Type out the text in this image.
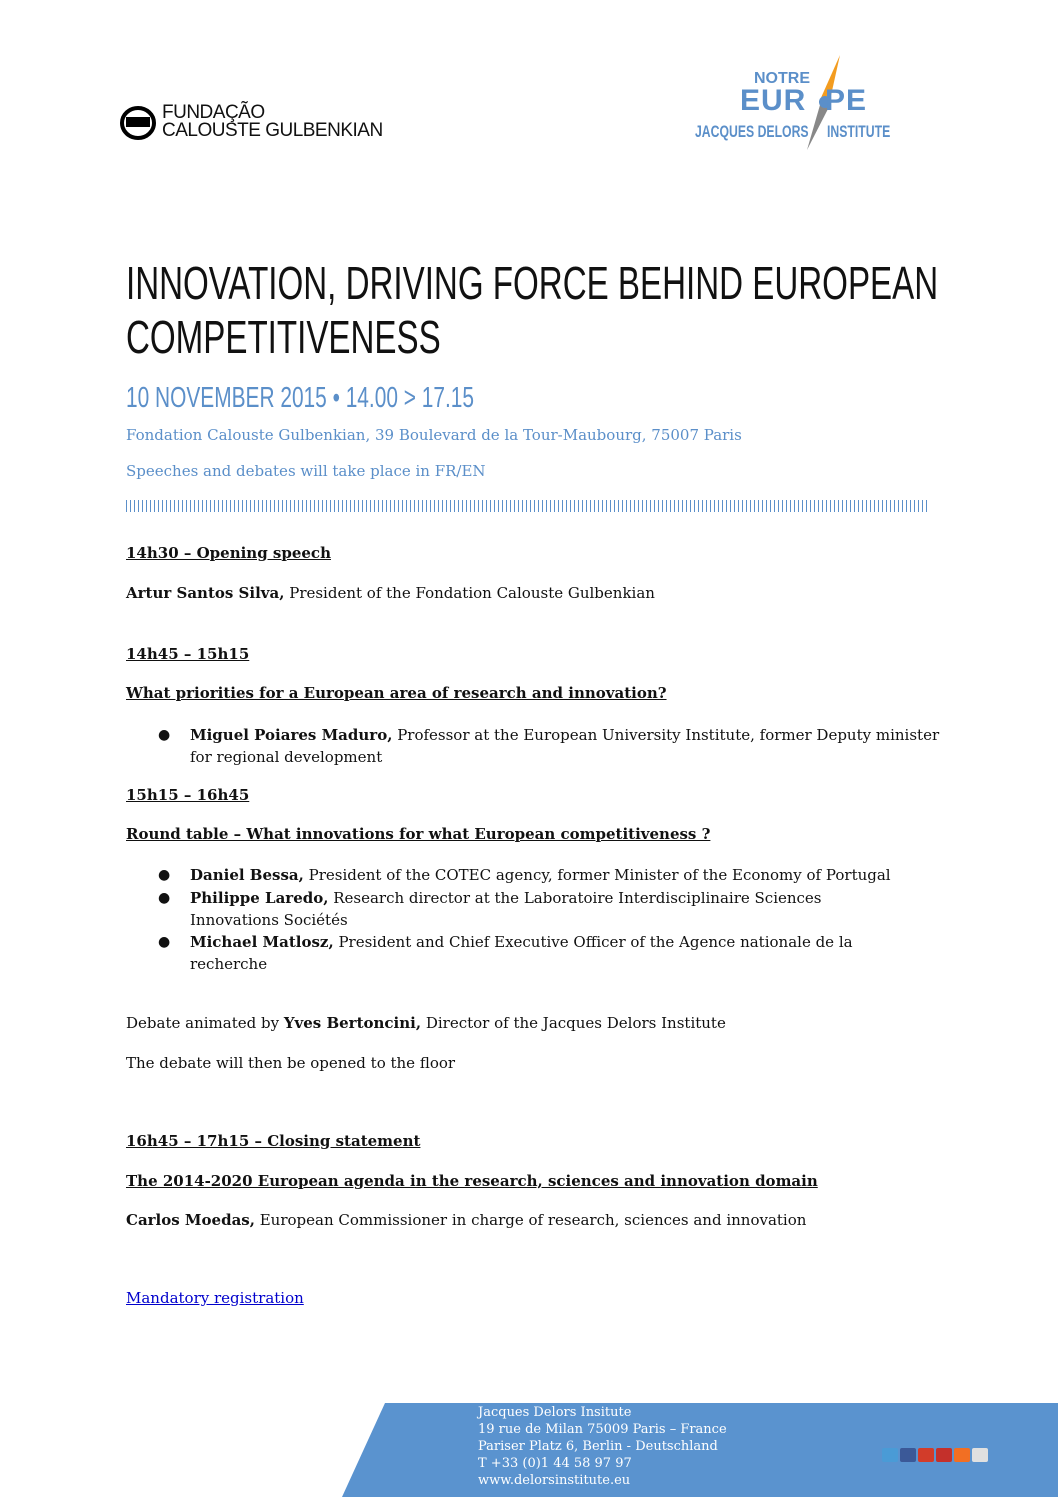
FUNDAÇÃO
CALOUSTE GULBENKIAN
NOTRE
EUR  PE
JACQUES DELORS INSTITUTE
INNOVATION, DRIVING FORCE BEHIND EUROPEAN
COMPETITIVENESS
10 NOVEMBER 2015 • 14.00 > 17.15
Fondation Calouste Gulbenkian, 39 Boulevard de la Tour-Maubourg, 75007 Paris
Speeches and debates will take place in FR/EN
14h30 – Opening speech
Artur Santos Silva, President of the Fondation Calouste Gulbenkian
14h45 – 15h15
What priorities for a European area of research and innovation?
● Miguel Poiares Maduro, Professor at the European University Institute, former Deputy minister for regional development
15h15 – 16h45
Round table – What innovations for what European competitiveness ?
● Daniel Bessa, President of the COTEC agency, former Minister of the Economy of Portugal
● Philippe Laredo, Research director at the Laboratoire Interdisciplinaire Sciences Innovations Sociétés
● Michael Matlosz, President and Chief Executive Officer of the Agence nationale de la recherche
Debate animated by Yves Bertoncini, Director of the Jacques Delors Institute
The debate will then be opened to the floor
16h45 – 17h15 – Closing statement
The 2014-2020 European agenda in the research, sciences and innovation domain
Carlos Moedas, European Commissioner in charge of research, sciences and innovation
Mandatory registration
Jacques Delors Insitute
19 rue de Milan 75009 Paris – France
Pariser Platz 6, Berlin - Deutschland
T +33 (0)1 44 58 97 97
www.delorsinstitute.eu
